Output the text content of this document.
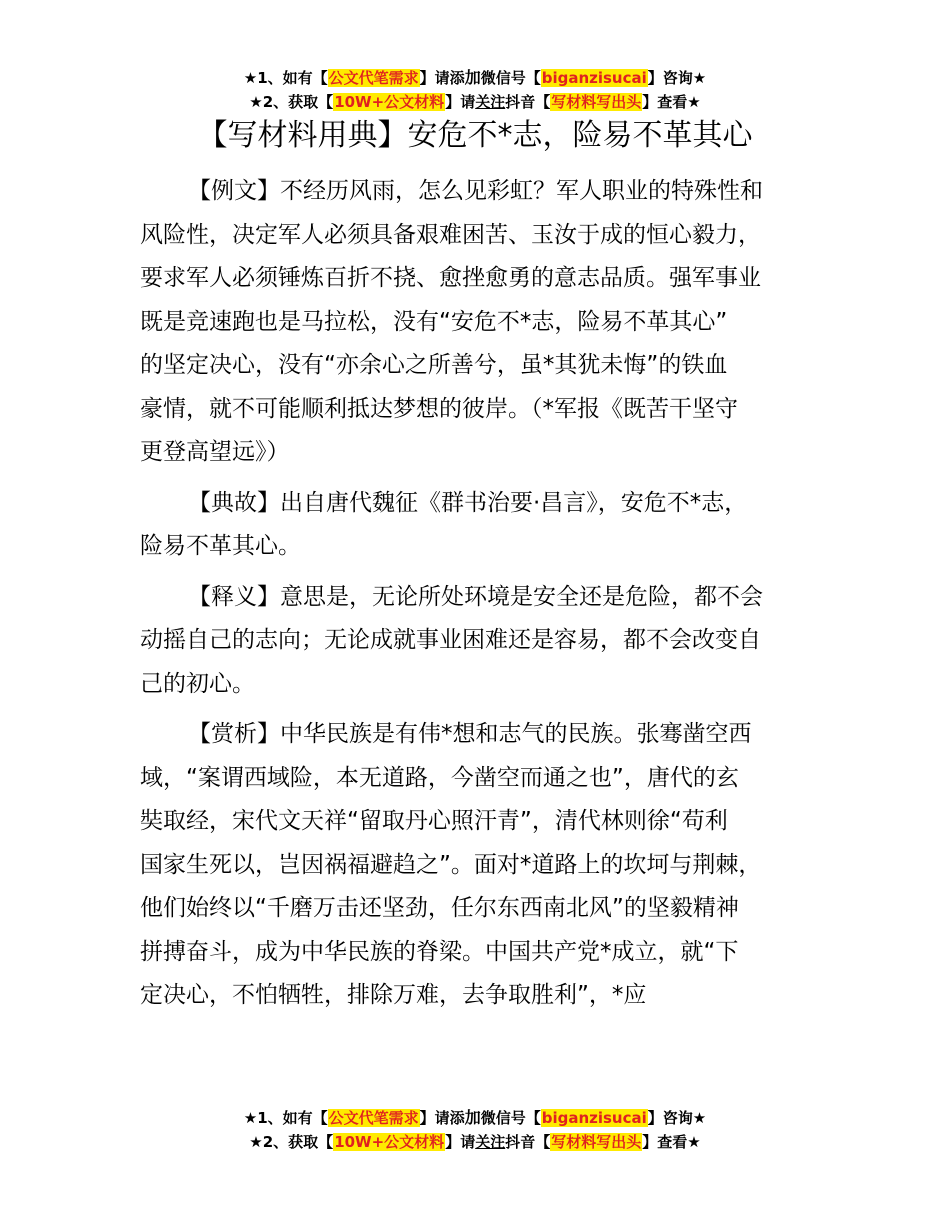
★1、如有【公文代笔需求】请添加微信号【biganzisucai】咨询★
★2、获取【10W+公文材料】请关注抖音【写材料写出头】查看★
【写材料用典】安危不*志，险易不革其心
【例文】不经历风雨，怎么见彩虹？军人职业的特殊性和
风险性，决定军人必须具备艰难困苦、玉汝于成的恒心毅力，
要求军人必须锤炼百折不挠、愈挫愈勇的意志品质。强军事业
既是竞速跑也是马拉松，没有“安危不*志，险易不革其心”
的坚定决心，没有“亦余心之所善兮，虽*其犹未悔”的铁血
豪情，就不可能顺利抵达梦想的彼岸。（*军报《既苦干坚守
更登高望远》）
【典故】出自唐代魏征《群书治要·昌言》，安危不*志，
险易不革其心。
【释义】意思是，无论所处环境是安全还是危险，都不会
动摇自己的志向；无论成就事业困难还是容易，都不会改变自
己的初心。
【赏析】中华民族是有伟*想和志气的民族。张骞凿空西
域，“案谓西域险，本无道路，今凿空而通之也”，唐代的玄
奘取经，宋代文天祥“留取丹心照汗青”，清代林则徐“苟利
国家生死以，岂因祸福避趋之”。面对*道路上的坎坷与荆棘，
他们始终以“千磨万击还坚劲，任尔东西南北风”的坚毅精神
拼搏奋斗，成为中华民族的脊梁。中国共产党*成立，就“下
定决心，不怕牺牲，排除万难，去争取胜利”，*应
★1、如有【公文代笔需求】请添加微信号【biganzisucai】咨询★
★2、获取【10W+公文材料】请关注抖音【写材料写出头】查看★
